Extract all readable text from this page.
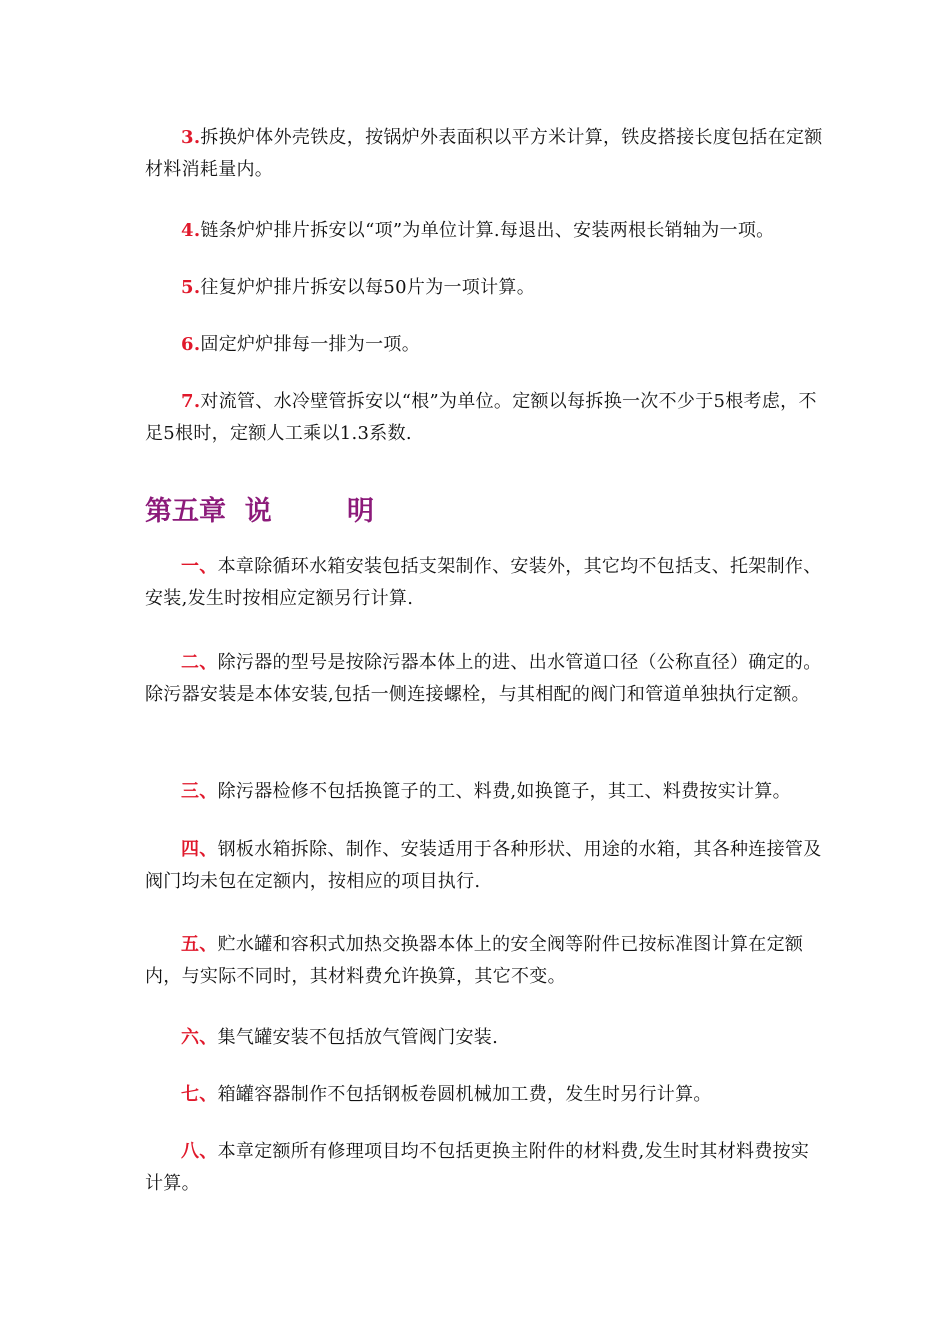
3.拆换炉体外壳铁皮，按锅炉外表面积以平方米计算，铁皮搭接长度包括在定额材料消耗量内。

4.链条炉炉排片拆安以“项”为单位计算.每退出、安装两根长销轴为一项。

5.往复炉炉排片拆安以每50片为一项计算。

6.固定炉炉排每一排为一项。

7.对流管、水冷壁管拆安以“根”为单位。定额以每拆换一次不少于5根考虑，不足5根时，定额人工乘以1.3系数.

第五章  说        明

一、本章除循环水箱安装包括支架制作、安装外，其它均不包括支、托架制作、安装,发生时按相应定额另行计算.

二、除污器的型号是按除污器本体上的进、出水管道口径（公称直径）确定的。除污器安装是本体安装,包括一侧连接螺栓，与其相配的阀门和管道单独执行定额。

三、除污器检修不包括换篦子的工、料费,如换篦子，其工、料费按实计算。

四、钢板水箱拆除、制作、安装适用于各种形状、用途的水箱，其各种连接管及阀门均未包在定额内，按相应的项目执行.

五、贮水罐和容积式加热交换器本体上的安全阀等附件已按标准图计算在定额内，与实际不同时，其材料费允许换算，其它不变。

六、集气罐安装不包括放气管阀门安装.

七、箱罐容器制作不包括钢板卷圆机械加工费，发生时另行计算。

八、本章定额所有修理项目均不包括更换主附件的材料费,发生时其材料费按实计算。
